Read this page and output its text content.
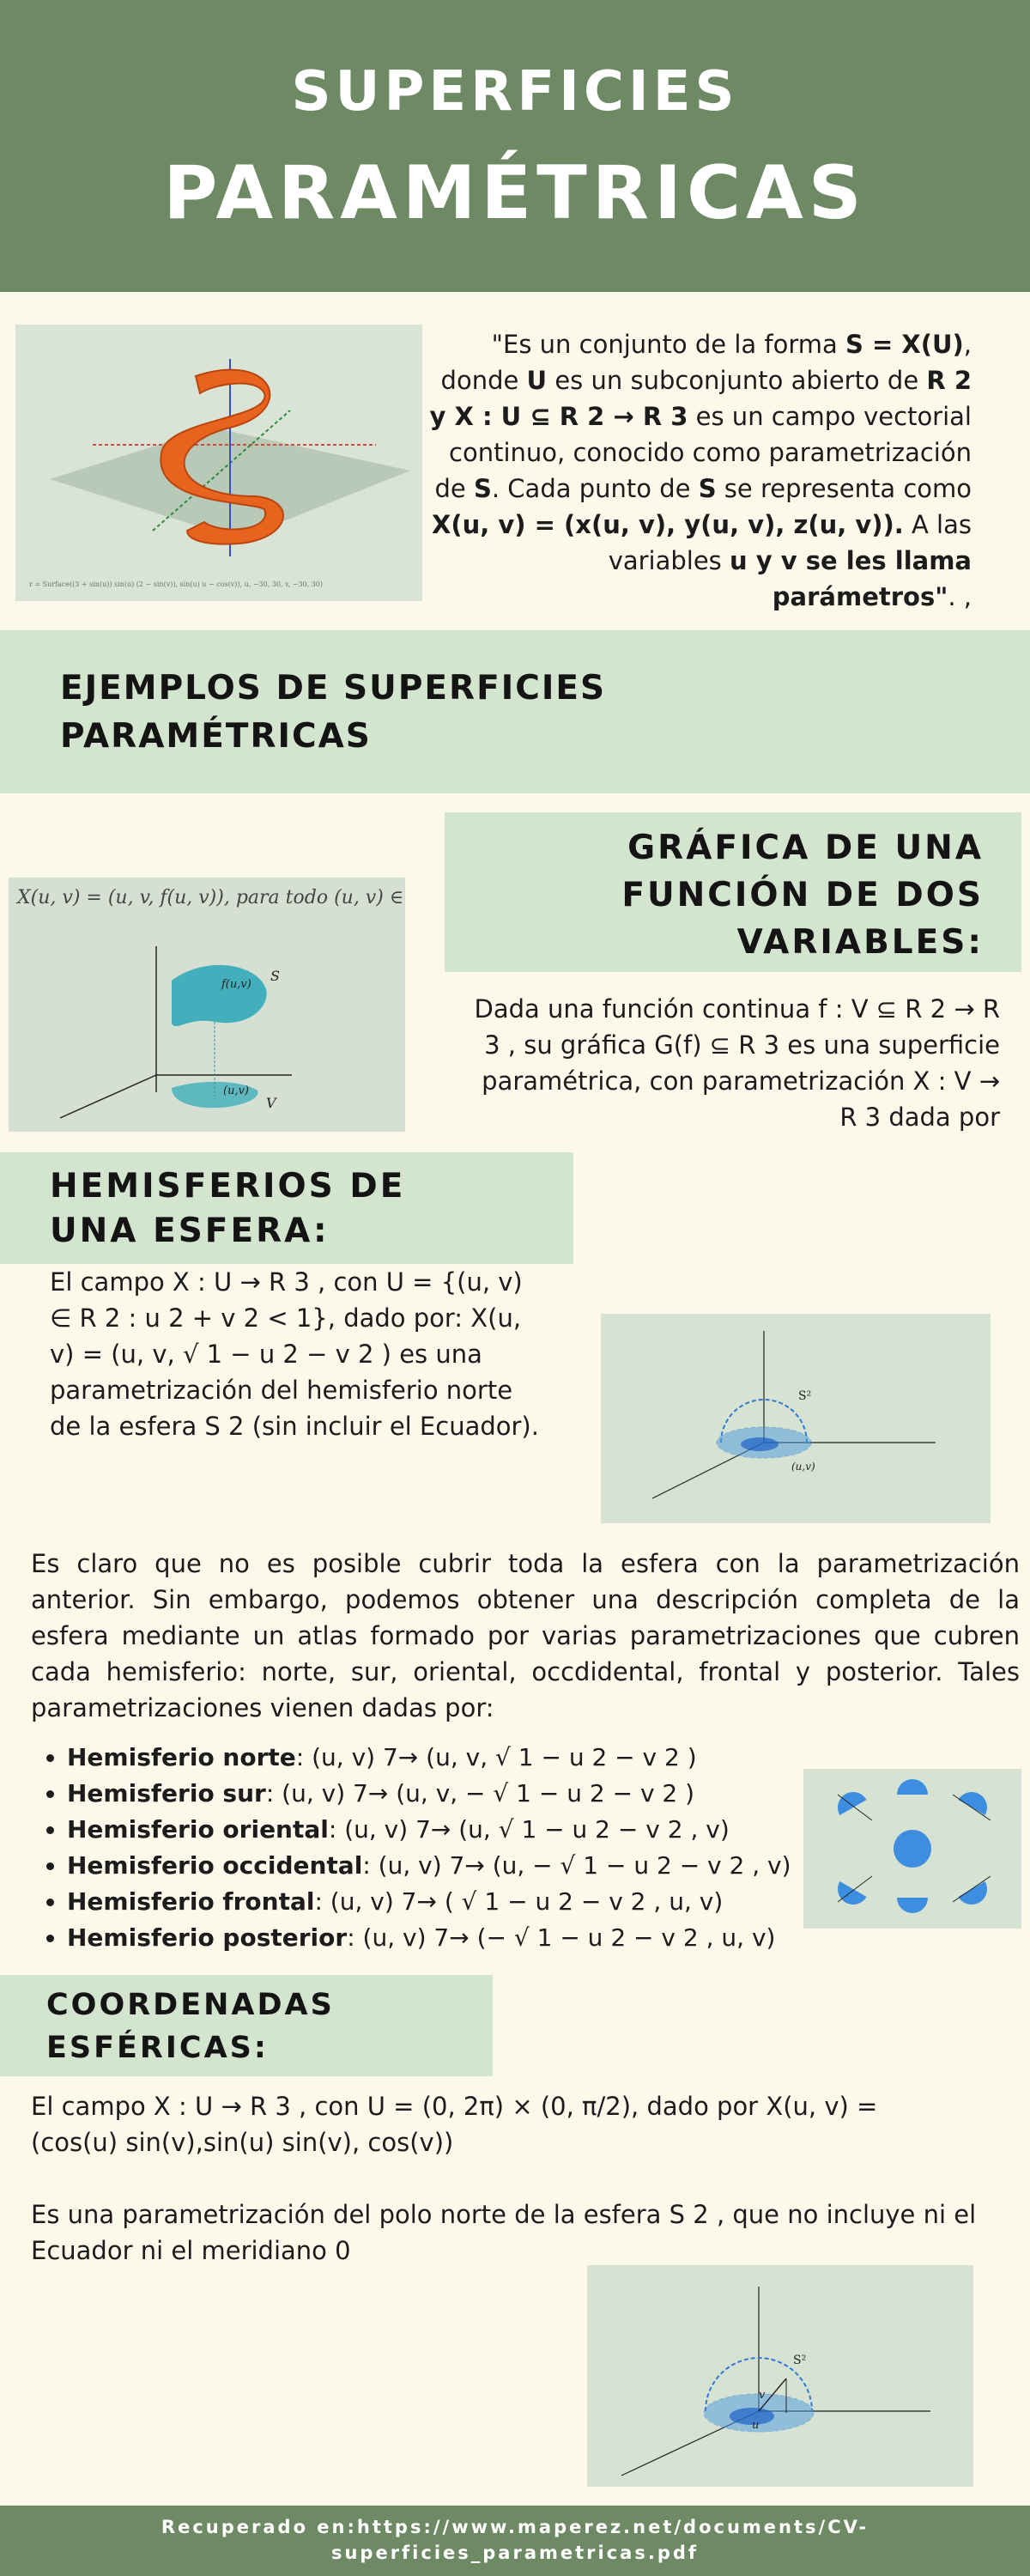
SUPERFICIES
PARAMÉTRICAS
r = Surface((3 + sin(u)) sin(u) (2 − sin(v)), sin(u) u − cos(v)), u, −30, 30, v, −30, 30)
"Es un conjunto de la forma S = X(U), donde U es un subconjunto abierto de R 2 y X : U ⊆ R 2 → R 3 es un campo vectorial continuo, conocido como parametrización de S. Cada punto de S se representa como X(u, v) = (x(u, v), y(u, v), z(u, v)). A las variables u y v se les llama parámetros". ,
EJEMPLOS DE SUPERFICIES
PARAMÉTRICAS
X(u, v) = (u, v, f(u, v)), para todo (u, v) ∈ V.
S
f(u,v)
(u,v)
V
GRÁFICA DE UNA
FUNCIÓN DE DOS
VARIABLES:
Dada una función continua f : V ⊆ R 2 → R 3 , su gráfica G(f) ⊆ R 3 es una superficie paramétrica, con parametrización X : V → R 3 dada por
HEMISFERIOS DE
UNA ESFERA:
El campo X : U → R 3 , con U = {(u, v) ∈ R 2 : u 2 + v 2 < 1}, dado por: X(u, v) = (u, v, √ 1 − u 2 − v 2 ) es una parametrización del hemisferio norte de la esfera S 2 (sin incluir el Ecuador).
S²
(u,v)
Es claro que no es posible cubrir toda la esfera con la parametrización anterior. Sin embargo, podemos obtener una descripción completa de la esfera mediante un atlas formado por varias parametrizaciones que cubren cada hemisferio: norte, sur, oriental, occdidental, frontal y posterior. Tales parametrizaciones vienen dadas por:
• Hemisferio norte: (u, v) 7→ (u, v, √ 1 − u 2 − v 2 )
• Hemisferio sur: (u, v) 7→ (u, v, − √ 1 − u 2 − v 2 )
• Hemisferio oriental: (u, v) 7→ (u, √ 1 − u 2 − v 2 , v)
• Hemisferio occidental: (u, v) 7→ (u, − √ 1 − u 2 − v 2 , v)
• Hemisferio frontal: (u, v) 7→ ( √ 1 − u 2 − v 2 , u, v)
• Hemisferio posterior: (u, v) 7→ (− √ 1 − u 2 − v 2 , u, v)
COORDENADAS
ESFÉRICAS:
El campo X : U → R 3 , con U = (0, 2π) × (0, π/2), dado por X(u, v) = (cos(u) sin(v),sin(u) sin(v), cos(v))
Es una parametrización del polo norte de la esfera S 2 , que no incluye ni el Ecuador ni el meridiano 0
S²
v
u
Recuperado en:https://www.maperez.net/documents/CV-
superficies_parametricas.pdf
